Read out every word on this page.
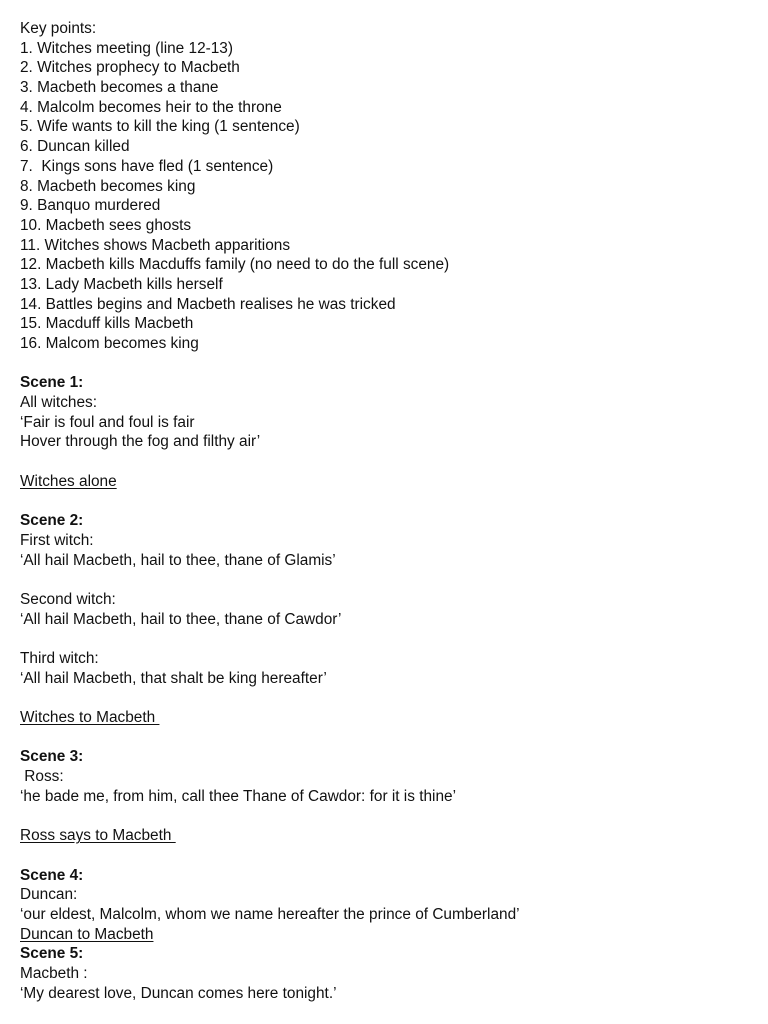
Key points:
1. Witches meeting (line 12-13)
2. Witches prophecy to Macbeth
3. Macbeth becomes a thane
4. Malcolm becomes heir to the throne
5. Wife wants to kill the king (1 sentence)
6. Duncan killed
7.  Kings sons have fled (1 sentence)
8. Macbeth becomes king
9. Banquo murdered
10. Macbeth sees ghosts
11. Witches shows Macbeth apparitions
12. Macbeth kills Macduffs family (no need to do the full scene)
13. Lady Macbeth kills herself
14. Battles begins and Macbeth realises he was tricked
15. Macduff kills Macbeth
16. Malcom becomes king
Scene 1:
All witches:
‘Fair is foul and foul is fair
Hover through the fog and filthy air’
Witches alone
Scene 2:
First witch:
‘All hail Macbeth, hail to thee, thane of Glamis’
Second witch:
‘All hail Macbeth, hail to thee, thane of Cawdor’
Third witch:
‘All hail Macbeth, that shalt be king hereafter’
Witches to Macbeth
Scene 3:
Ross:
‘he bade me, from him, call thee Thane of Cawdor: for it is thine’
Ross says to Macbeth
Scene 4:
Duncan:
‘our eldest, Malcolm, whom we name hereafter the prince of Cumberland’
Duncan to Macbeth
Scene 5:
Macbeth :
‘My dearest love, Duncan comes here tonight.’
